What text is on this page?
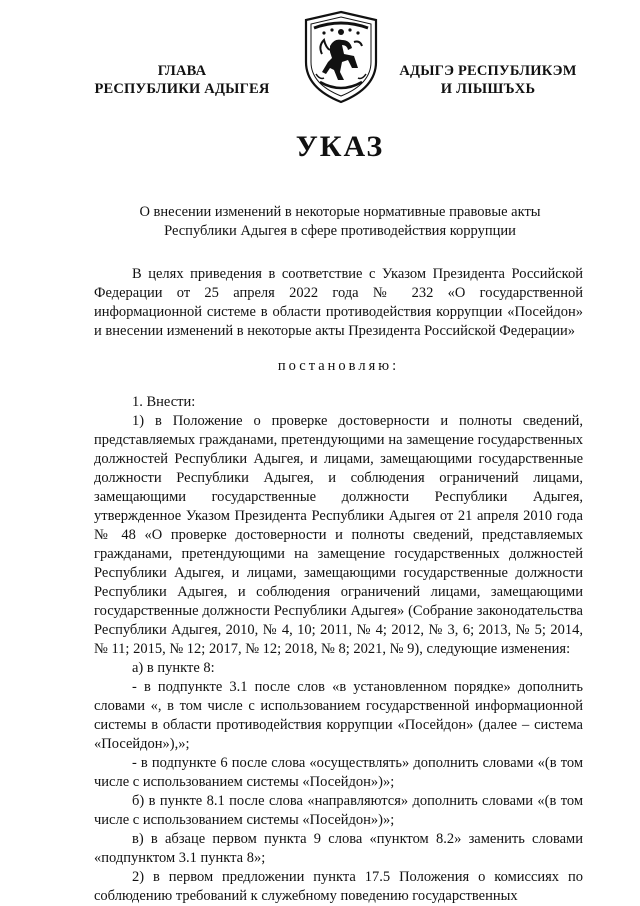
ГЛАВА
РЕСПУБЛИКИ АДЫГЕЯ
АДЫГЭ РЕСПУБЛИКЭМ
И ЛІЫШЪХЬ
УКАЗ
О внесении изменений в некоторые нормативные правовые акты
Республики Адыгея в сфере противодействия коррупции

В целях приведения в соответствие с Указом Президента Российской Федерации от 25 апреля 2022 года № 232 «О государственной информационной системе в области противодействия коррупции «Посейдон» и внесении изменений в некоторые акты Президента Российской Федерации»

постановляю:

1. Внести:

1) в Положение о проверке достоверности и полноты сведений, представляемых гражданами, претендующими на замещение государственных должностей Республики Адыгея, и лицами, замещающими государственные должности Республики Адыгея, и соблюдения ограничений лицами, замещающими государственные должности Республики Адыгея, утвержденное Указом Президента Республики Адыгея от 21 апреля 2010 года № 48 «О проверке достоверности и полноты сведений, представляемых гражданами, претендующими на замещение государственных должностей Республики Адыгея, и лицами, замещающими государственные должности Республики Адыгея, и соблюдения ограничений лицами, замещающими государственные должности Республики Адыгея» (Собрание законодательства Республики Адыгея, 2010, № 4, 10; 2011, № 4; 2012, № 3, 6; 2013, № 5; 2014, № 11; 2015, № 12; 2017, № 12; 2018, № 8; 2021, № 9), следующие изменения:

а) в пункте 8:

- в подпункте 3.1 после слов «в установленном порядке» дополнить словами «, в том числе с использованием государственной информационной системы в области противодействия коррупции «Посейдон» (далее – система «Посейдон»),»;

- в подпункте 6 после слова «осуществлять» дополнить словами «(в том числе с использованием системы «Посейдон»)»;

б) в пункте 8.1 после слова «направляются» дополнить словами «(в том числе с использованием системы «Посейдон»)»;

в) в абзаце первом пункта 9 слова «пунктом 8.2» заменить словами «подпунктом 3.1 пункта 8»;

2) в первом предложении пункта 17.5 Положения о комиссиях по соблюдению требований к служебному поведению государственных
